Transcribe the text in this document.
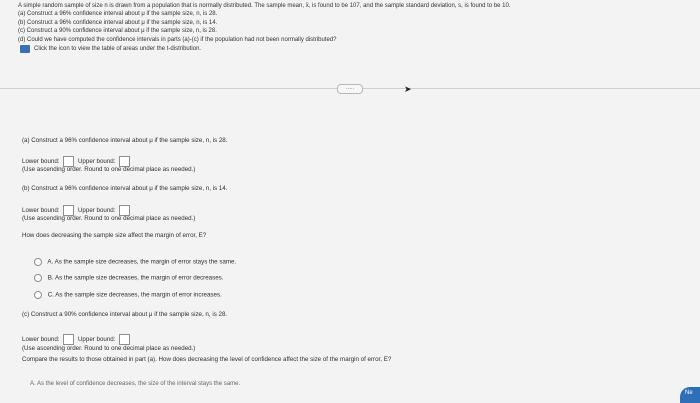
A simple random sample of size n is drawn from a population that is normally distributed. The sample mean, x̄, is found to be 107, and the sample standard deviation, s, is found to be 10.
(a) Construct a 96% confidence interval about μ if the sample size, n, is 28.
(b) Construct a 96% confidence interval about μ if the sample size, n, is 14.
(c) Construct a 90% confidence interval about μ if the sample size, n, is 28.
(d) Could we have computed the confidence intervals in parts (a)-(c) if the population had not been normally distributed?
Click the icon to view the table of areas under the t-distribution.
.....	➤
(a) Construct a 96% confidence interval about μ if the sample size, n, is 28.
Lower bound:	Upper bound:
(Use ascending order. Round to one decimal place as needed.)
(b) Construct a 96% confidence interval about μ if the sample size, n, is 14.
Lower bound:	Upper bound:
(Use ascending order. Round to one decimal place as needed.)
How does decreasing the sample size affect the margin of error, E?
A. As the sample size decreases, the margin of error stays the same.
B. As the sample size decreases, the margin of error decreases.
C. As the sample size decreases, the margin of error increases.
(c) Construct a 90% confidence interval about μ if the sample size, n, is 28.
Lower bound:	Upper bound:
(Use ascending order. Round to one decimal place as needed.)
Compare the results to those obtained in part (a). How does decreasing the level of confidence affect the size of the margin of error, E?
A. As the level of confidence decreases, the size of the interval stays the same.
Ne
